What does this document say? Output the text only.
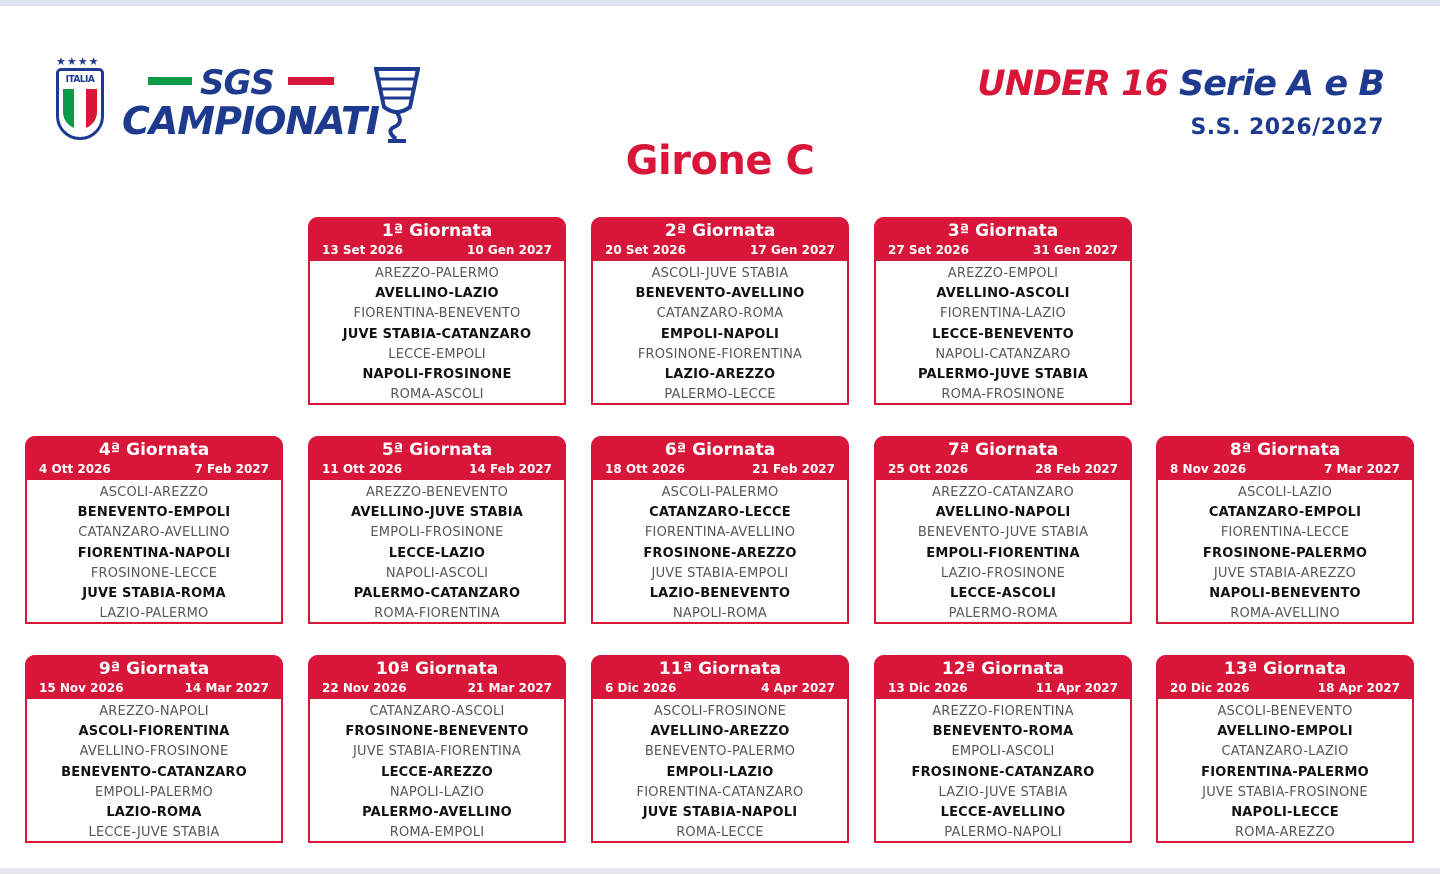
★★★★
ITALIA	SGS
CAMPIONATI
UNDER 16 Serie A e B
S.S. 2026/2027
Girone C
1ª Giornata
13 Set 2026	10 Gen 2027
AREZZO-PALERMO
AVELLINO-LAZIO
FIORENTINA-BENEVENTO
JUVE STABIA-CATANZARO
LECCE-EMPOLI
NAPOLI-FROSINONE
ROMA-ASCOLI
2ª Giornata
20 Set 2026	17 Gen 2027
ASCOLI-JUVE STABIA
BENEVENTO-AVELLINO
CATANZARO-ROMA
EMPOLI-NAPOLI
FROSINONE-FIORENTINA
LAZIO-AREZZO
PALERMO-LECCE
3ª Giornata
27 Set 2026	31 Gen 2027
AREZZO-EMPOLI
AVELLINO-ASCOLI
FIORENTINA-LAZIO
LECCE-BENEVENTO
NAPOLI-CATANZARO
PALERMO-JUVE STABIA
ROMA-FROSINONE
4ª Giornata
4 Ott 2026	7 Feb 2027
ASCOLI-AREZZO
BENEVENTO-EMPOLI
CATANZARO-AVELLINO
FIORENTINA-NAPOLI
FROSINONE-LECCE
JUVE STABIA-ROMA
LAZIO-PALERMO
5ª Giornata
11 Ott 2026	14 Feb 2027
AREZZO-BENEVENTO
AVELLINO-JUVE STABIA
EMPOLI-FROSINONE
LECCE-LAZIO
NAPOLI-ASCOLI
PALERMO-CATANZARO
ROMA-FIORENTINA
6ª Giornata
18 Ott 2026	21 Feb 2027
ASCOLI-PALERMO
CATANZARO-LECCE
FIORENTINA-AVELLINO
FROSINONE-AREZZO
JUVE STABIA-EMPOLI
LAZIO-BENEVENTO
NAPOLI-ROMA
7ª Giornata
25 Ott 2026	28 Feb 2027
AREZZO-CATANZARO
AVELLINO-NAPOLI
BENEVENTO-JUVE STABIA
EMPOLI-FIORENTINA
LAZIO-FROSINONE
LECCE-ASCOLI
PALERMO-ROMA
8ª Giornata
8 Nov 2026	7 Mar 2027
ASCOLI-LAZIO
CATANZARO-EMPOLI
FIORENTINA-LECCE
FROSINONE-PALERMO
JUVE STABIA-AREZZO
NAPOLI-BENEVENTO
ROMA-AVELLINO
9ª Giornata
15 Nov 2026	14 Mar 2027
AREZZO-NAPOLI
ASCOLI-FIORENTINA
AVELLINO-FROSINONE
BENEVENTO-CATANZARO
EMPOLI-PALERMO
LAZIO-ROMA
LECCE-JUVE STABIA
10ª Giornata
22 Nov 2026	21 Mar 2027
CATANZARO-ASCOLI
FROSINONE-BENEVENTO
JUVE STABIA-FIORENTINA
LECCE-AREZZO
NAPOLI-LAZIO
PALERMO-AVELLINO
ROMA-EMPOLI
11ª Giornata
6 Dic 2026	4 Apr 2027
ASCOLI-FROSINONE
AVELLINO-AREZZO
BENEVENTO-PALERMO
EMPOLI-LAZIO
FIORENTINA-CATANZARO
JUVE STABIA-NAPOLI
ROMA-LECCE
12ª Giornata
13 Dic 2026	11 Apr 2027
AREZZO-FIORENTINA
BENEVENTO-ROMA
EMPOLI-ASCOLI
FROSINONE-CATANZARO
LAZIO-JUVE STABIA
LECCE-AVELLINO
PALERMO-NAPOLI
13ª Giornata
20 Dic 2026	18 Apr 2027
ASCOLI-BENEVENTO
AVELLINO-EMPOLI
CATANZARO-LAZIO
FIORENTINA-PALERMO
JUVE STABIA-FROSINONE
NAPOLI-LECCE
ROMA-AREZZO
